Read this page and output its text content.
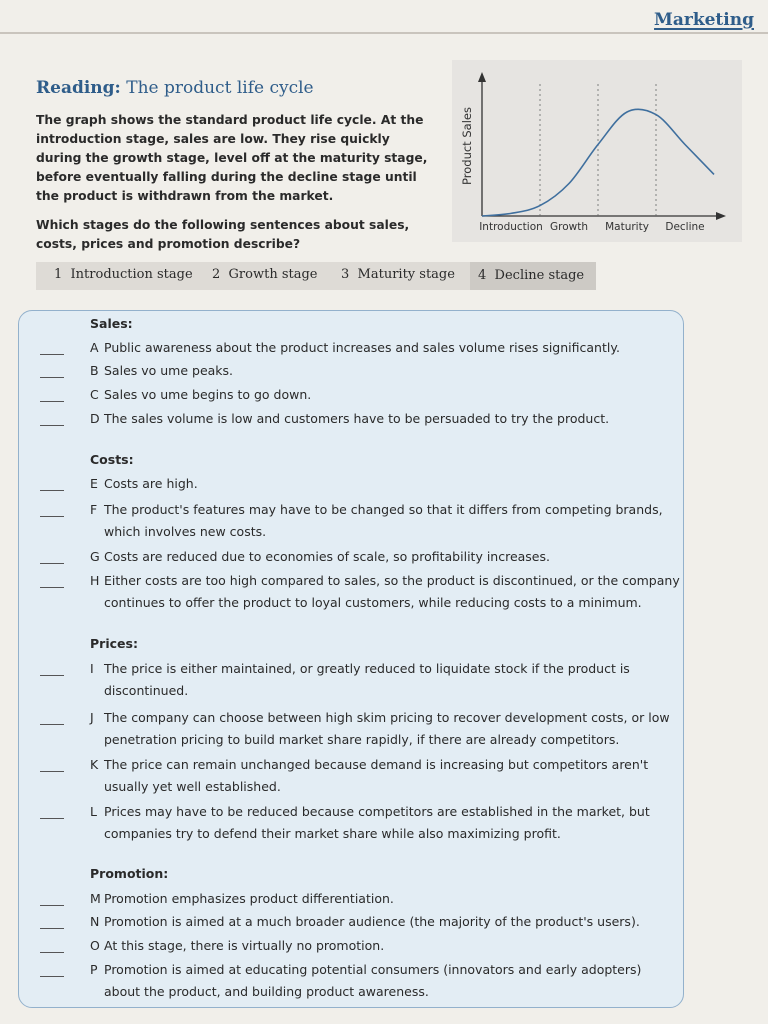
Marketing
Reading: The product life cycle
The graph shows the standard product life cycle. At the introduction stage, sales are low. They rise quickly during the growth stage, level off at the maturity stage, before eventually falling during the decline stage until the product is withdrawn from the market.
Which stages do the following sentences about sales, costs, prices and promotion describe?
Product Sales
Introduction Growth Maturity Decline
1 Introduction stage 2 Growth stage 3 Maturity stage	4 Decline stage
Sales:
A Public awareness about the product increases and sales volume rises significantly.
B Sales vo ume peaks.
C Sales vo ume begins to go down.
D The sales volume is low and customers have to be persuaded to try the product.
Costs:
E Costs are high.
F The product's features may have to be changed so that it differs from competing brands, which involves new costs.
G Costs are reduced due to economies of scale, so profitability increases.
H Either costs are too high compared to sales, so the product is discontinued, or the company continues to offer the product to loyal customers, while reducing costs to a minimum.
Prices:
I The price is either maintained, or greatly reduced to liquidate stock if the product is discontinued.
J The company can choose between high skim pricing to recover development costs, or low penetration pricing to build market share rapidly, if there are already competitors.
K The price can remain unchanged because demand is increasing but competitors aren't usually yet well established.
L Prices may have to be reduced because competitors are established in the market, but companies try to defend their market share while also maximizing profit.
Promotion:
M Promotion emphasizes product differentiation.
N Promotion is aimed at a much broader audience (the majority of the product's users).
O At this stage, there is virtually no promotion.
P Promotion is aimed at educating potential consumers (innovators and early adopters) about the product, and building product awareness.
